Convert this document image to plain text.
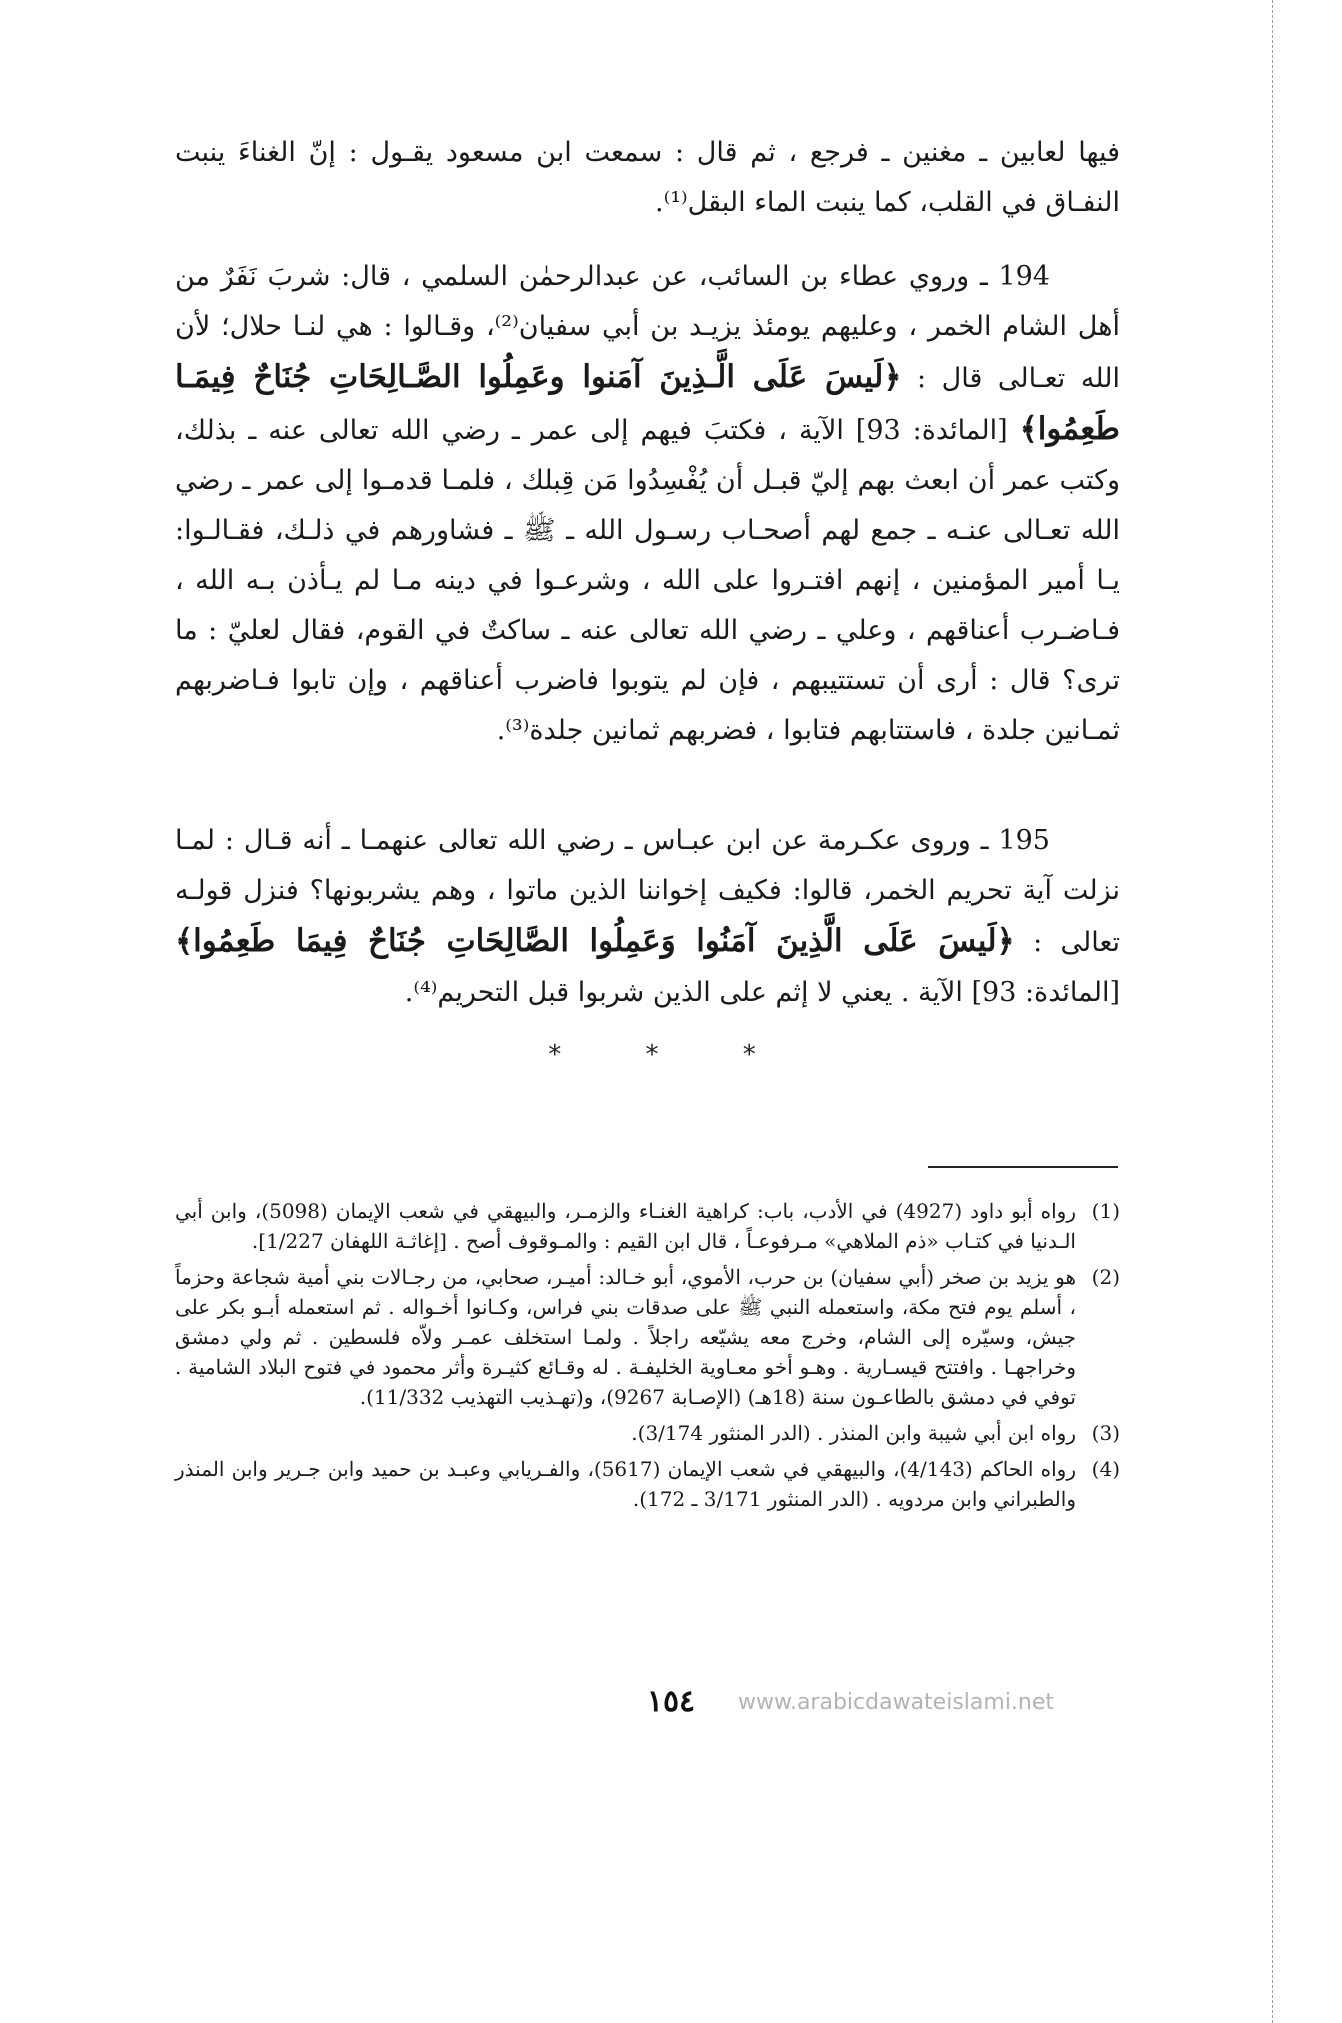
فيها لعابين ـ مغنين ـ فرجع ، ثم قال : سمعت ابن مسعود يقـول : إنّ الغناءَ ينبت النفـاق في القلب، كما ينبت الماء البقل⁽¹⁾.

194 ـ وروي عطاء بن السائب، عن عبدالرحمٰن السلمي ، قال: شربَ نَفَرٌ من أهل الشام الخمر ، وعليهم يومئذ يزيـد بن أبي سفيان⁽²⁾، وقـالوا : هي لنـا حلال؛ لأن الله تعـالى قال : ﴿لَيسَ عَلَى الَّـذِينَ آمَنوا وعَمِلُوا الصَّـالِحَاتِ جُنَاحٌ فِيمَـا طَعِمُوا﴾ [المائدة: 93] الآية ، فكتبَ فيهم إلى عمر ـ رضي الله تعالى عنه ـ بذلك، وكتب عمر أن ابعث بهم إليّ قبـل أن يُفْسِدُوا مَن قِبلك ، فلمـا قدمـوا إلى عمر ـ رضي الله تعـالى عنـه ـ جمع لهم أصحـاب رسـول الله ـ ﷺ ـ فشاورهم في ذلـك، فقـالـوا: يـا أمير المؤمنين ، إنهم افتـروا على الله ، وشرعـوا في دينه مـا لم يـأذن بـه الله ، فـاضـرب أعناقهم ، وعلي ـ رضي الله تعالى عنه ـ ساكتٌ في القوم، فقال لعليّ : ما ترى؟ قال : أرى أن تستتيبهم ، فإن لم يتوبوا فاضرب أعناقهم ، وإن تابوا فـاضربهم ثمـانين جلدة ، فاستتابهم فتابوا ، فضربهم ثمانين جلدة⁽³⁾.

195 ـ وروى عكـرمة عن ابن عبـاس ـ رضي الله تعالى عنهمـا ـ أنه قـال : لمـا نزلت آية تحريم الخمر، قالوا: فكيف إخواننا الذين ماتوا ، وهم يشربونها؟ فنزل قولـه تعالى : ﴿لَيسَ عَلَى الَّذِينَ آمَنُوا وَعَمِلُوا الصَّالِحَاتِ جُنَاحٌ فِيمَا طَعِمُوا﴾ [المائدة: 93] الآية . يعني لا إثم على الذين شربوا قبل التحريم⁽⁴⁾.

* * *
(1)
رواه أبو داود (4927) في الأدب، باب: كراهية الغنـاء والزمـر، والبيهقي في شعب الإيمان (5098)، وابن أبي الـدنيا في كتـاب «ذم الملاهي» مـرفوعـاً ، قال ابن القيم : والمـوقوف أصح . [إغاثـة اللهفان 1/227].
(2)
هو يزيد بن صخر (أبي سفيان) بن حرب، الأموي، أبو خـالد: أميـر، صحابي، من رجـالات بني أمية شجاعة وحزماً ، أسلم يوم فتح مكة، واستعمله النبي ﷺ على صدقات بني فراس، وكـانوا أخـواله . ثم استعمله أبـو بكر على جيش، وسيّره إلى الشام، وخرج معه يشيّعه راجلاً . ولمـا استخلف عمـر ولاّه فلسطين . ثم ولي دمشق وخراجهـا . وافتتح قيسـارية . وهـو أخو معـاوية الخليفـة . له وقـائع كثيـرة وأثر محمود في فتوح البلاد الشامية . توفي في دمشق بالطاعـون سنة (18هـ) (الإصـابة 9267)، و(تهـذيب التهذيب 11/332).
(3)
رواه ابن أبي شيبة وابن المنذر . (الدر المنثور 3/174).
(4)
رواه الحاكم (4/143)، والبيهقي في شعب الإيمان (5617)، والفـريابي وعبـد بن حميد وابن جـرير وابن المنذر والطبراني وابن مردويه . (الدر المنثور 3/171 ـ 172).
١٥٤	www.arabicdawateislami.net
